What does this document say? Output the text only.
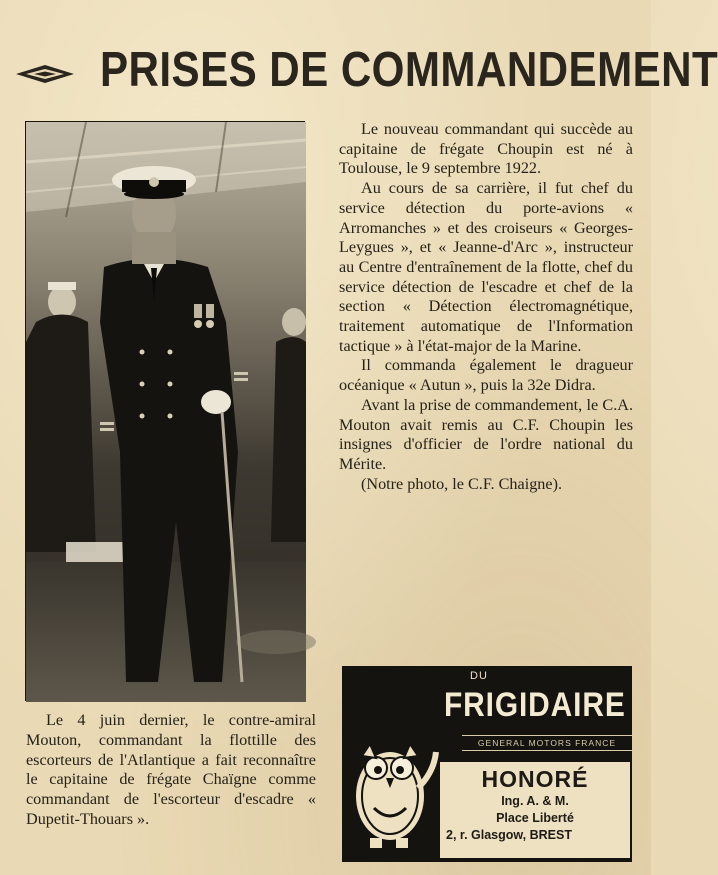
PRISES DE COMMANDEMENT
Le 4 juin dernier, le contre-amiral Mouton, commandant la flottille des escorteurs de l'Atlantique a fait reconnaître le capitaine de frégate Chaïgne comme commandant de l'escorteur d'escadre « Dupetit-Thouars ».

Le nouveau commandant qui succède au capitaine de frégate Choupin est né à Toulouse, le 9 septembre 1922.

Au cours de sa carrière, il fut chef du service détection du porte-avions « Arromanches » et des croiseurs « Georges-Leygues », et « Jeanne-d'Arc », instructeur au Centre d'entraînement de la flotte, chef du service détection de l'escadre et chef de la section « Détection électromagnétique, traitement automatique de l'Information tactique » à l'état-major de la Marine.

Il commanda également le dragueur océanique « Autun », puis la 32e Didra.

Avant la prise de commandement, le C.A. Mouton avait remis au C.F. Choupin les insignes d'officier de l'ordre national du Mérite.

(Notre photo, le C.F. Chaigne).

DU
FRIGIDAIRE
GENERAL MOTORS FRANCE
HONORÉ
Ing. A. & M.
Place Liberté
2, r. Glasgow, BREST
